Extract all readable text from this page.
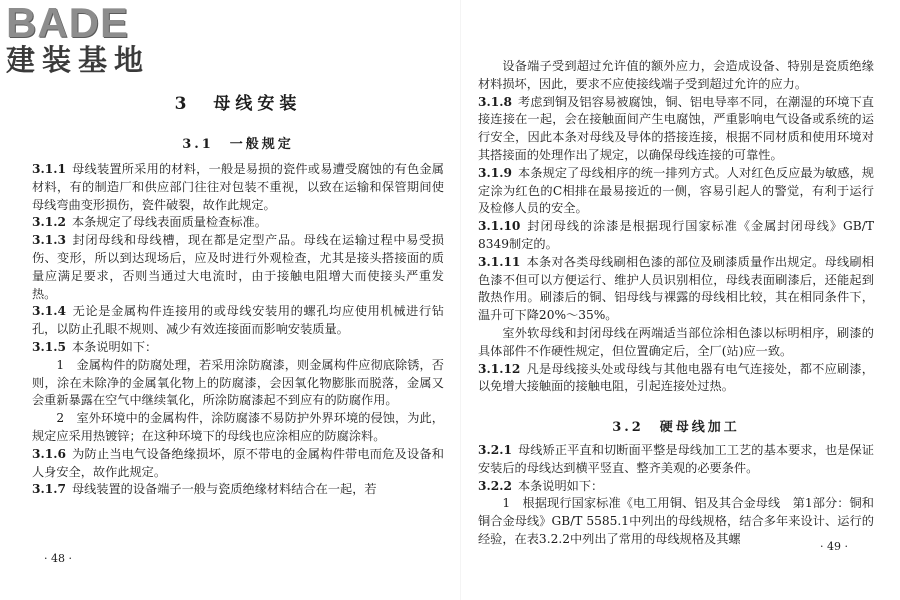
BADE
建装基地
3　母线安装
3.1　一般规定

3.1.1 母线装置所采用的材料，一般是易损的瓷件或易遭受腐蚀的有色金属材料，有的制造厂和供应部门往往对包装不重视，以致在运输和保管期间使母线弯曲变形损伤，瓷件破裂，故作此规定。

3.1.2 本条规定了母线表面质量检查标准。

3.1.3 封闭母线和母线槽，现在都是定型产品。母线在运输过程中易受损伤、变形，所以到达现场后，应及时进行外观检查，尤其是接头搭接面的质量应满足要求，否则当通过大电流时，由于接触电阻增大而使接头严重发热。

3.1.4 无论是金属构件连接用的或母线安装用的螺孔均应使用机械进行钻孔，以防止孔眼不规则、减少有效连接面而影响安装质量。

3.1.5 本条说明如下：

1　金属构件的防腐处理，若采用涂防腐漆，则金属构件应彻底除锈，否则，涂在未除净的金属氧化物上的防腐漆，会因氧化物膨胀而脱落，金属又会重新暴露在空气中继续氧化，所涂防腐漆起不到应有的防腐作用。

2　室外环境中的金属构件，涂防腐漆不易防护外界环境的侵蚀，为此，规定应采用热镀锌；在这种环境下的母线也应涂相应的防腐涂料。

3.1.6 为防止当电气设备绝缘损坏，原不带电的金属构件带电而危及设备和人身安全，故作此规定。

3.1.7 母线装置的设备端子一般与瓷质绝缘材料结合在一起，若

· 48 ·

设备端子受到超过允许值的额外应力，会造成设备、特别是瓷质绝缘材料损坏，因此，要求不应使接线端子受到超过允许的应力。

3.1.8 考虑到铜及铝容易被腐蚀，铜、铝电导率不同，在潮湿的环境下直接连接在一起，会在接触面间产生电腐蚀，严重影响电气设备或系统的运行安全，因此本条对母线及导体的搭接连接，根据不同材质和使用环境对其搭接面的处理作出了规定，以确保母线连接的可靠性。

3.1.9 本条规定了母线相序的统一排列方式。人对红色反应最为敏感，规定涂为红色的C相排在最易接近的一侧，容易引起人的警觉，有利于运行及检修人员的安全。

3.1.10 封闭母线的涂漆是根据现行国家标准《金属封闭母线》GB/T 8349制定的。

3.1.11 本条对各类母线刷相色漆的部位及刷漆质量作出规定。母线刷相色漆不但可以方便运行、维护人员识别相位，母线表面刷漆后，还能起到散热作用。刷漆后的铜、铝母线与裸露的母线相比较，其在相同条件下，温升可下降20%～35%。

室外软母线和封闭母线在两端适当部位涂相色漆以标明相序，刷漆的具体部件不作硬性规定，但位置确定后，全厂(站)应一致。

3.1.12 凡是母线接头处或母线与其他电器有电气连接处，都不应刷漆，以免增大接触面的接触电阻，引起连接处过热。

3.2　硬母线加工

3.2.1 母线矫正平直和切断面平整是母线加工工艺的基本要求，也是保证安装后的母线达到横平竖直、整齐美观的必要条件。

3.2.2 本条说明如下：

1　根据现行国家标准《电工用铜、铝及其合金母线　第1部分：铜和铜合金母线》GB/T 5585.1中列出的母线规格，结合多年来设计、运行的经验，在表3.2.2中列出了常用的母线规格及其螺

· 49 ·
